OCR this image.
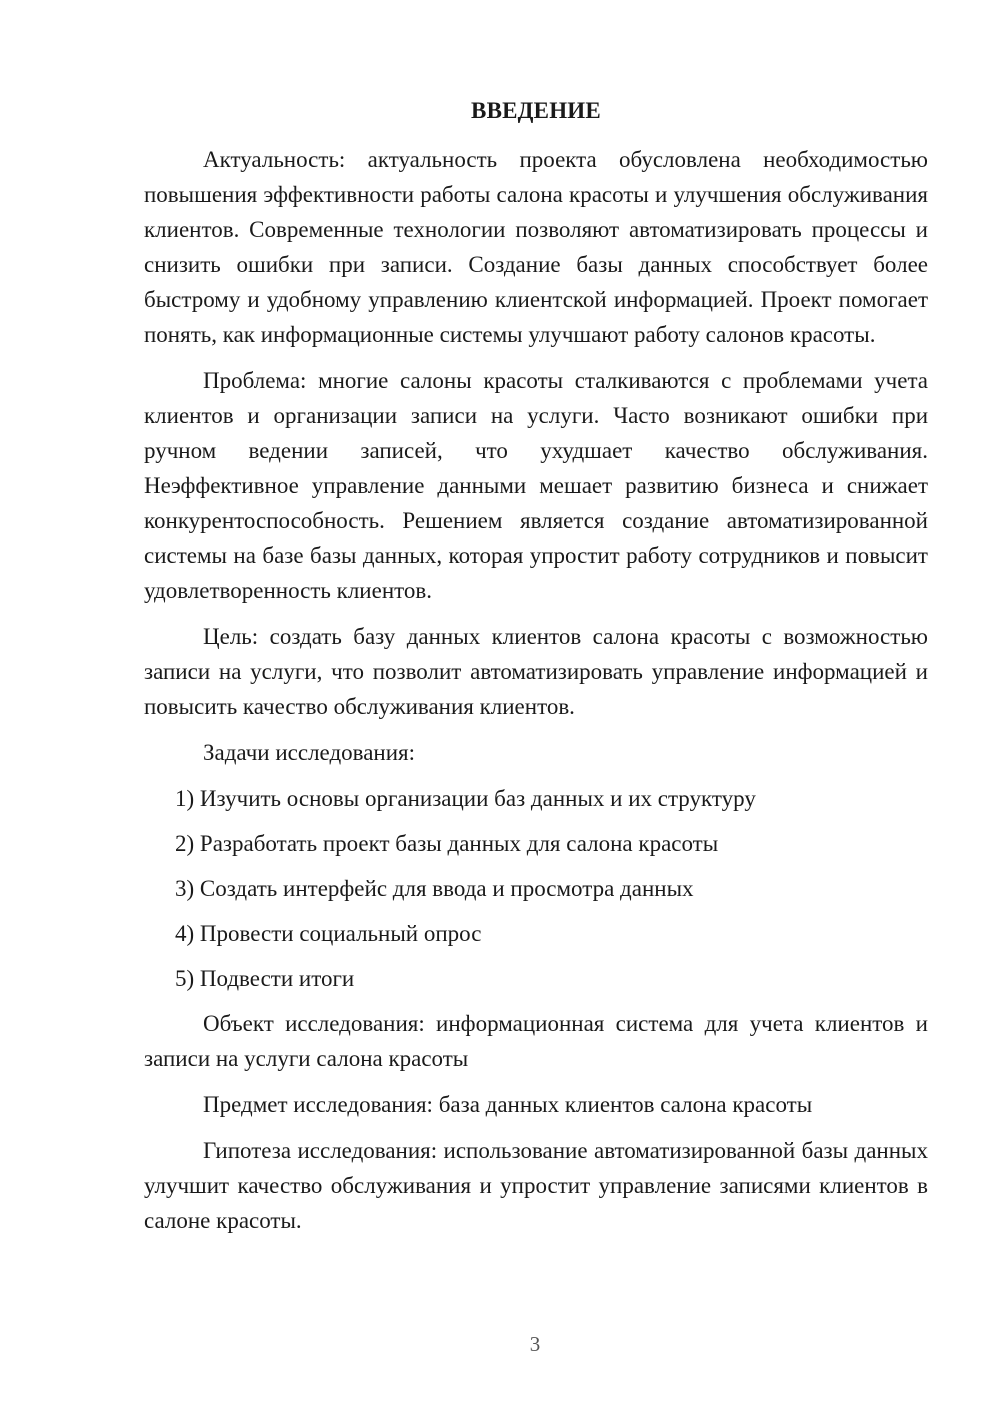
ВВЕДЕНИЕ

Актуальность: актуальность проекта обусловлена необходимостью повышения эффективности работы салона красоты и улучшения обслуживания клиентов. Современные технологии позволяют автоматизировать процессы и снизить ошибки при записи. Создание базы данных способствует более быстрому и удобному управлению клиентской информацией. Проект помогает понять, как информационные системы улучшают работу салонов красоты.

Проблема: многие салоны красоты сталкиваются с проблемами учета клиентов и организации записи на услуги. Часто возникают ошибки при ручном ведении записей, что ухудшает качество обслуживания. Неэффективное управление данными мешает развитию бизнеса и снижает конкурентоспособность. Решением является создание автоматизированной системы на базе базы данных, которая упростит работу сотрудников и повысит удовлетворенность клиентов.

Цель: создать базу данных клиентов салона красоты с возможностью записи на услуги, что позволит автоматизировать управление информацией и повысить качество обслуживания клиентов.

Задачи исследования:

1) Изучить основы организации баз данных и их структуру
2) Разработать проект базы данных для салона красоты
3) Создать интерфейс для ввода и просмотра данных
4) Провести социальный опрос
5) Подвести итоги

Объект исследования: информационная система для учета клиентов и записи на услуги салона красоты

Предмет исследования: база данных клиентов салона красоты

Гипотеза исследования: использование автоматизированной базы данных улучшит качество обслуживания и упростит управление записями клиентов в салоне красоты.

3
